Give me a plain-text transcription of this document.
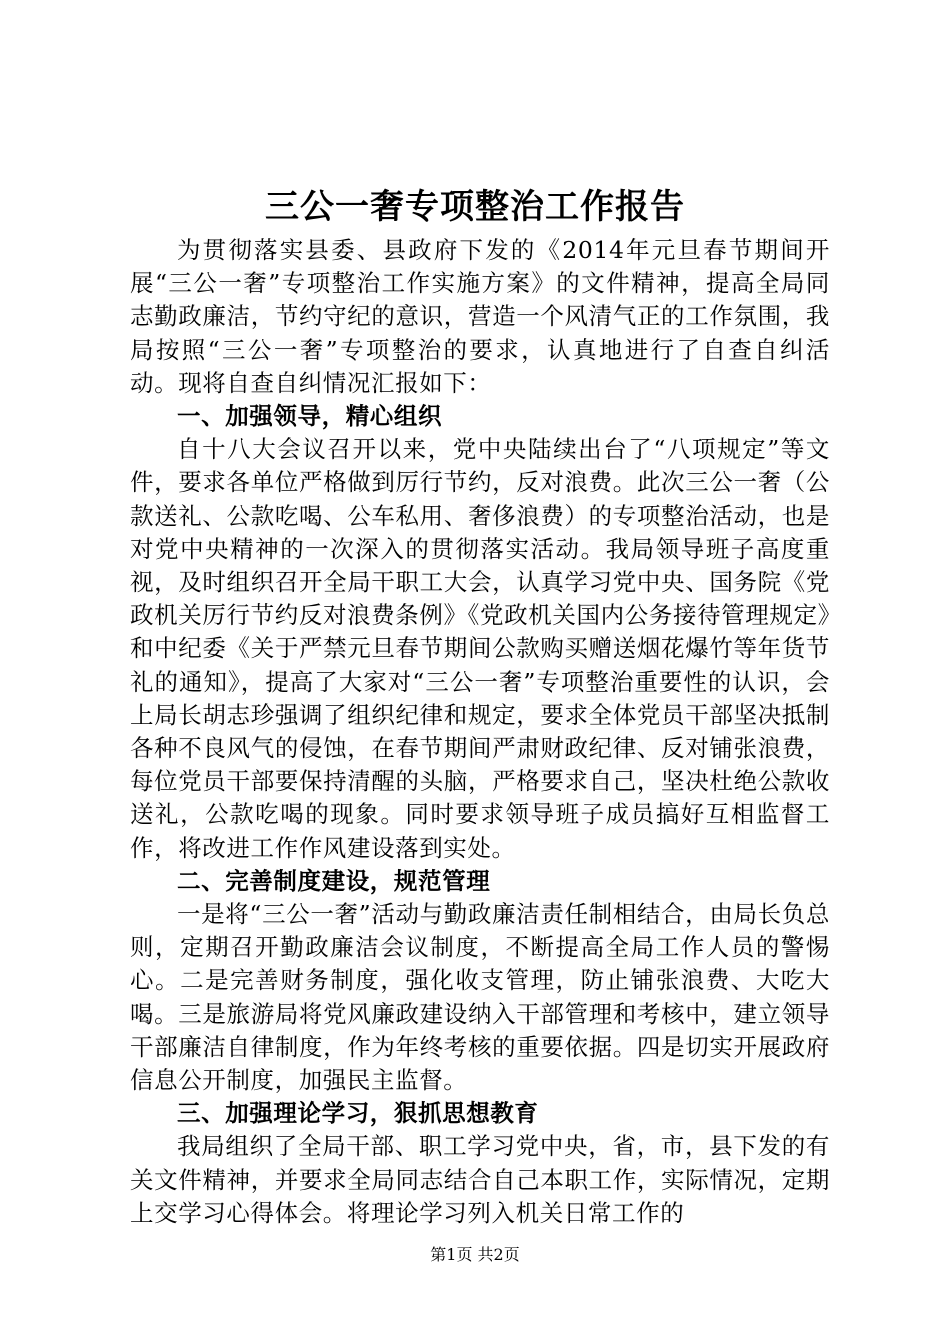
三公一奢专项整治工作报告

为贯彻落实县委、县政府下发的《2014年元旦春节期间开展“三公一奢”专项整治工作实施方案》的文件精神，提高全局同志勤政廉洁，节约守纪的意识，营造一个风清气正的工作氛围，我局按照“三公一奢”专项整治的要求，认真地进行了自查自纠活动。现将自查自纠情况汇报如下：

一、加强领导，精心组织

自十八大会议召开以来，党中央陆续出台了“八项规定”等文件，要求各单位严格做到厉行节约，反对浪费。此次三公一奢（公款送礼、公款吃喝、公车私用、奢侈浪费）的专项整治活动，也是对党中央精神的一次深入的贯彻落实活动。我局领导班子高度重视，及时组织召开全局干职工大会，认真学习党中央、国务院《党政机关厉行节约反对浪费条例》《党政机关国内公务接待管理规定》和中纪委《关于严禁元旦春节期间公款购买赠送烟花爆竹等年货节礼的通知》，提高了大家对“三公一奢”专项整治重要性的认识，会上局长胡志珍强调了组织纪律和规定，要求全体党员干部坚决抵制各种不良风气的侵蚀，在春节期间严肃财政纪律、反对铺张浪费，每位党员干部要保持清醒的头脑，严格要求自己，坚决杜绝公款收送礼，公款吃喝的现象。同时要求领导班子成员搞好互相监督工作，将改进工作作风建设落到实处。

二、完善制度建设，规范管理

一是将“三公一奢”活动与勤政廉洁责任制相结合，由局长负总则，定期召开勤政廉洁会议制度，不断提高全局工作人员的警惕心。二是完善财务制度，强化收支管理，防止铺张浪费、大吃大喝。三是旅游局将党风廉政建设纳入干部管理和考核中，建立领导干部廉洁自律制度，作为年终考核的重要依据。四是切实开展政府信息公开制度，加强民主监督。

三、加强理论学习，狠抓思想教育

我局组织了全局干部、职工学习党中央，省，市，县下发的有关文件精神，并要求全局同志结合自己本职工作，实际情况，定期上交学习心得体会。将理论学习列入机关日常工作的

第1页 共2页
